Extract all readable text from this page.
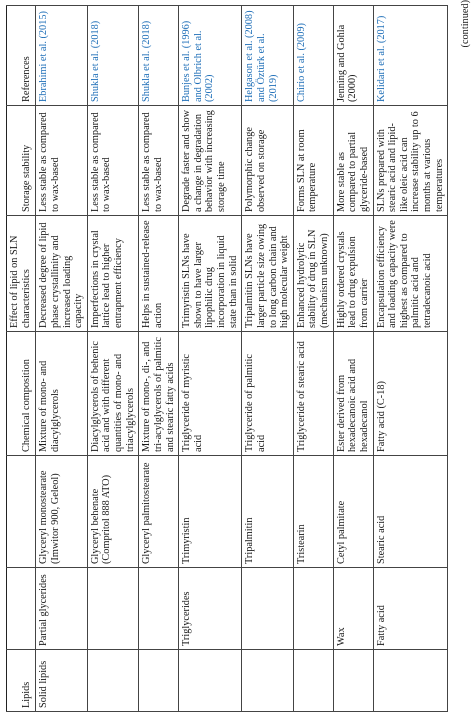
Lipids			Chemical composition	Effect of lipid on SLN characteristics	Storage stability	References
Solid lipids	Partial glycerides	Glyceryl monostearate (Imwitor 900, Geleol)	Mixture of mono- and diacylglycerols	Decreased degree of lipid phase crystallinity and increased loading capacity	Less stable as compared to wax-based	Ebrahimi et al. (2015)
		Glyceryl behenate (Compritol 888 ATO)	Diacylglycerols of behenic acid and with different quantities of mono- and triacylglycerols	Imperfections in crystal lattice lead to higher entrapment efficiency	Less stable as compared to wax-based	Shukla et al. (2018)
		Glyceryl palmitostearate	Mixture of mono-, di-, and tri-acylglycerols of palmitic and stearic fatty acids	Helps in sustained-release action	Less stable as compared to wax-based	Shukla et al. (2018)
	Triglycerides	Trimyristin	Triglyceride of myristic acid	Trimyristin SLNs have shown to have larger lipophilic drug incorporation in liquid state than in solid	Degrade faster and show a change in degradation behavior with increasing storage time	Bunjes et al. (1996) and Olbrich et al. (2002)
		Tripalmitin	Triglyceride of palmitic acid	Tripalmitin SLNs have larger particle size owing to long carbon chain and high molecular weight	Polymorphic change observed on storage	Helgason et al. (2008) and Öztürk et al. (2019)
		Tristearin	Triglyceride of stearic acid	Enhanced hydrolytic stability of drug in SLN (mechanism unknown)	Forms SLN at room temperature	Chirio et al. (2009)
	Wax	Cetyl palmitate	Ester derived from hexadecanoic acid and hexadecanol	Highly ordered crystals lead to drug expulsion from carrier	More stable as compared to partial glyceride-based	Jenning and Gohla (2000)
	Fatty acid	Stearic acid	Fatty acid (C-18)	Encapsulation efficiency and loading capacity were highest as compared to palmitic acid and tetradecanoic acid	SLNs prepared with stearic acid and lipid-like oleic acid can increase stability up to 6 months at various temperatures	Kelidari et al. (2017)	(continued)
